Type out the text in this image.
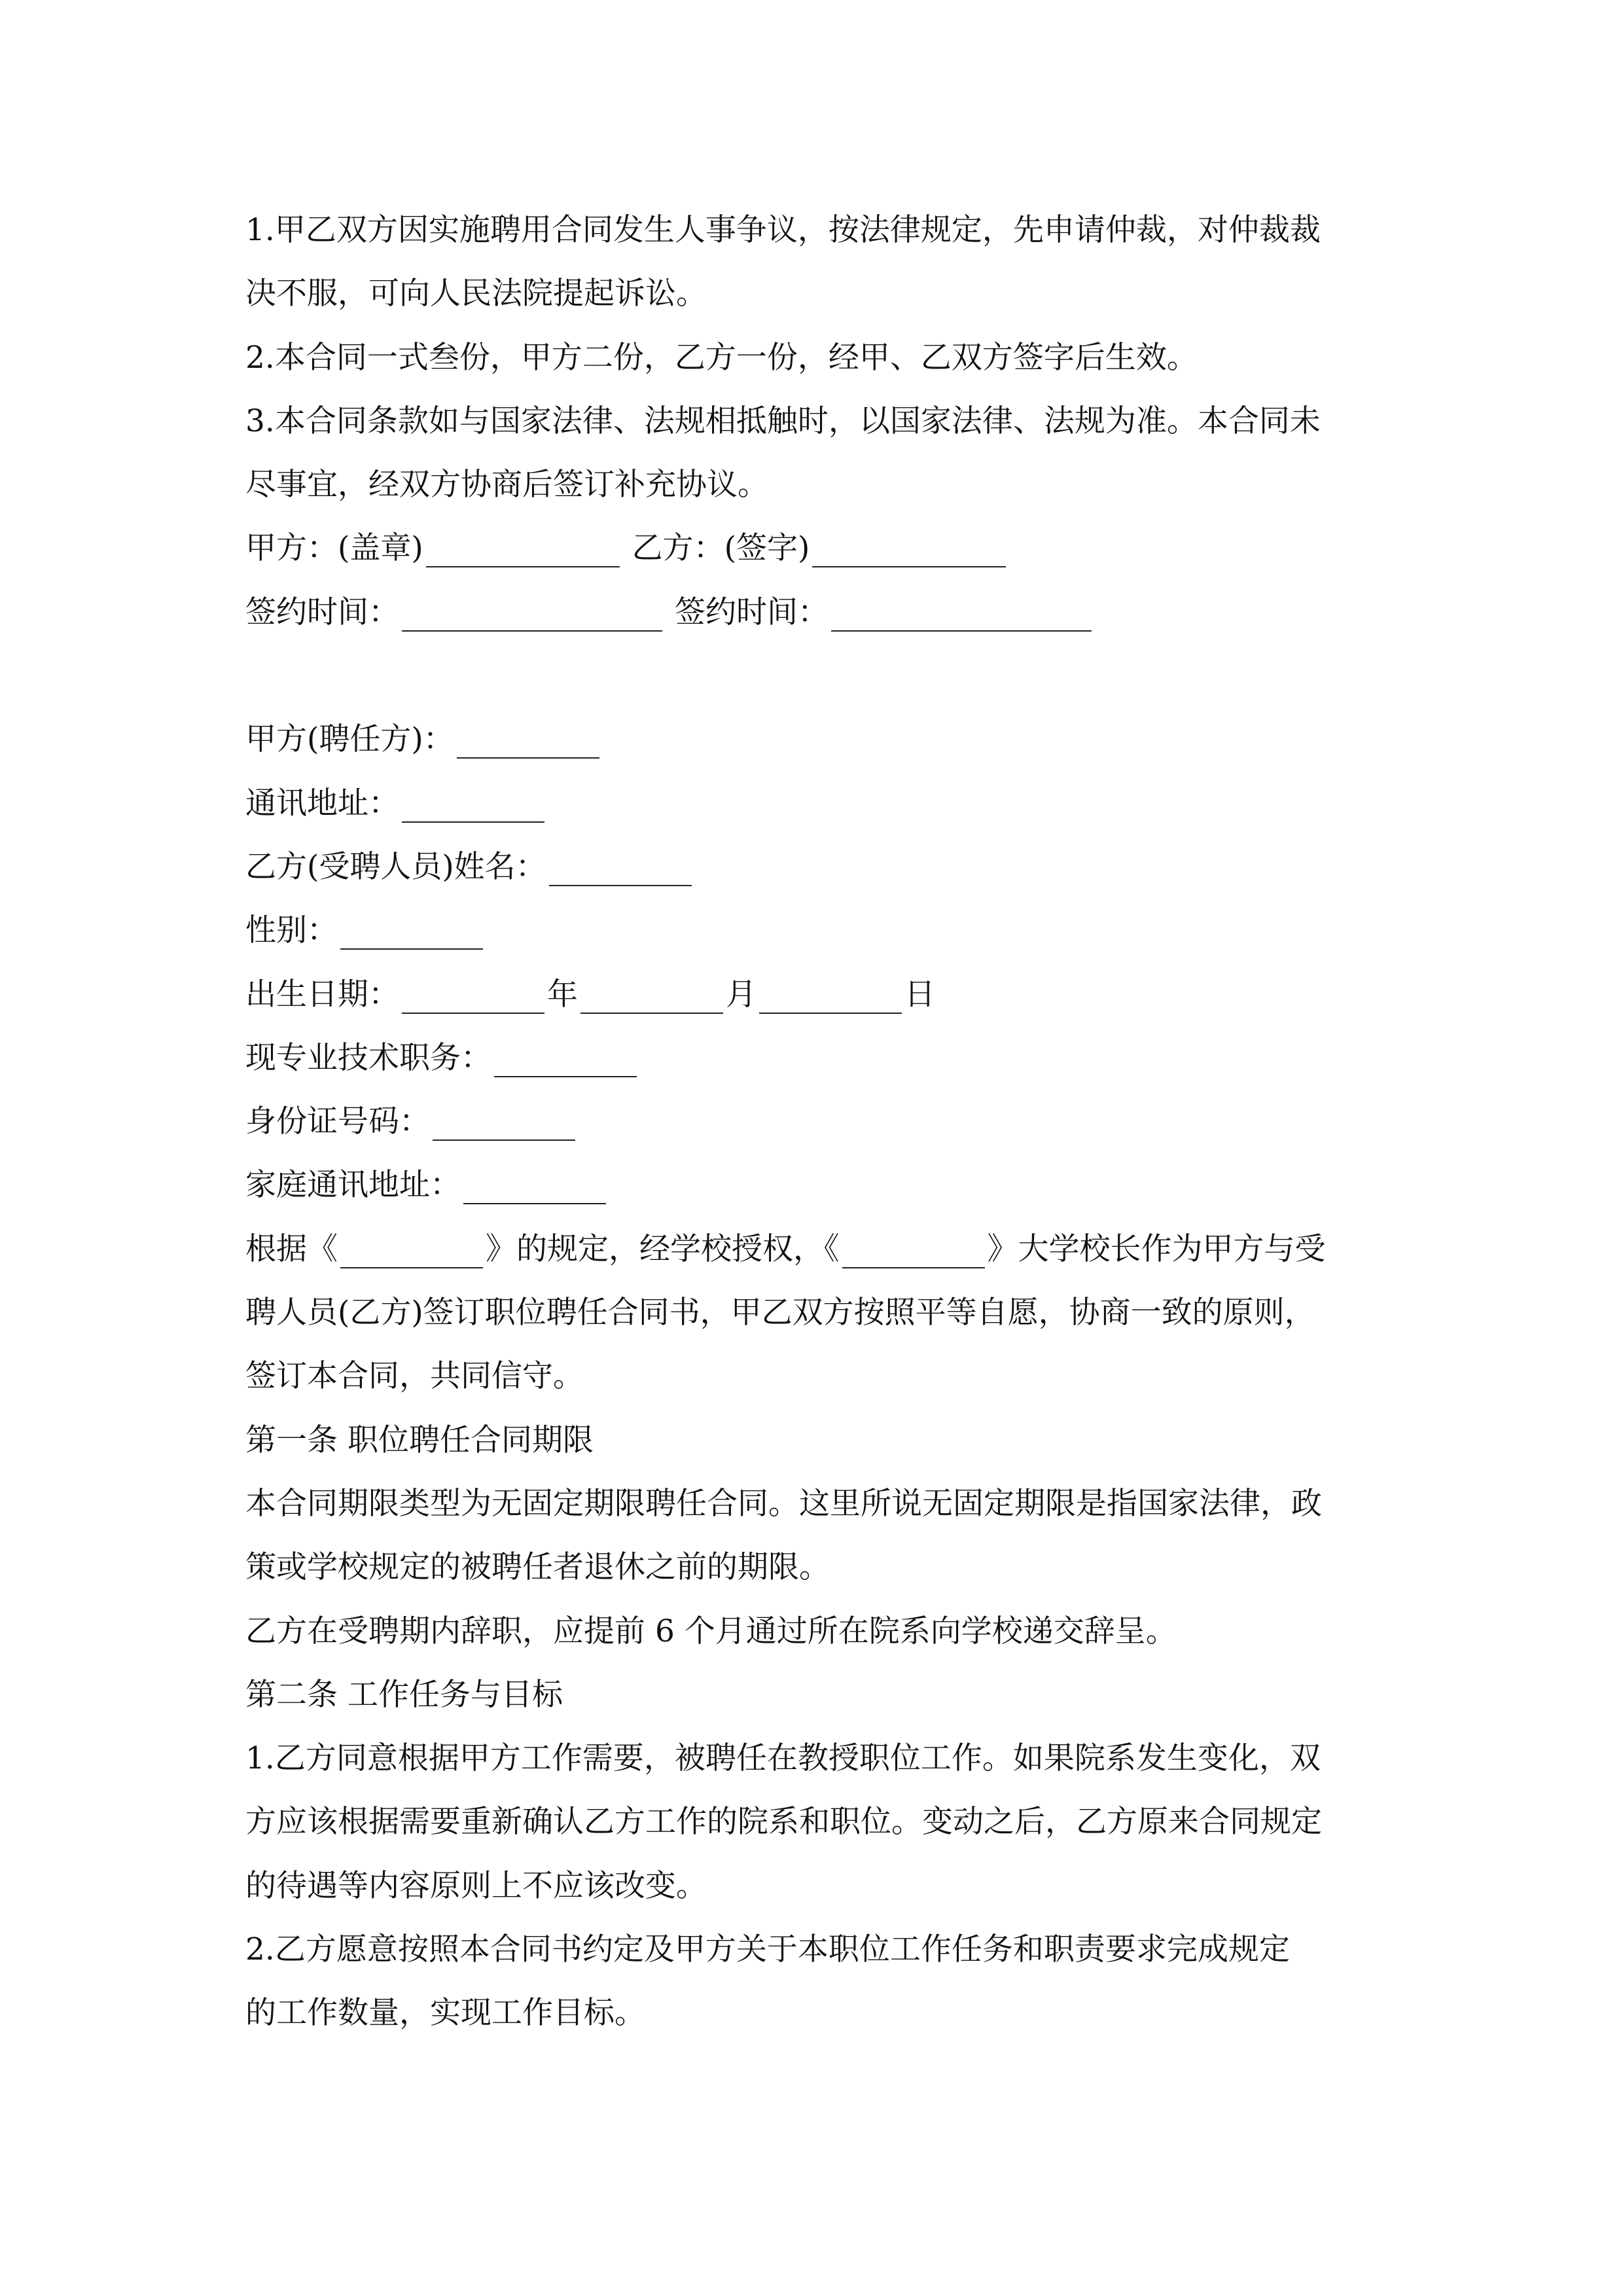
1.甲乙双方因实施聘用合同发生人事争议，按法律规定，先申请仲裁，对仲裁裁
决不服，可向人民法院提起诉讼。
2.本合同一式叁份，甲方二份，乙方一份，经甲、乙双方签字后生效。
3.本合同条款如与国家法律、法规相抵触时，以国家法律、法规为准。本合同未
尽事宜，经双方协商后签订补充协议。
甲方：(盖章)	乙方：(签字)
签约时间：	签约时间：
甲方(聘任方)：
通讯地址：
乙方(受聘人员)姓名：
性别：
出生日期：	年	月	日
现专业技术职务：
身份证号码：
家庭通讯地址：
根据《	》的规定，经学校授权，《	》大学校长作为甲方与受
聘人员(乙方)签订职位聘任合同书，甲乙双方按照平等自愿，协商一致的原则，
签订本合同，共同信守。
第一条 职位聘任合同期限
本合同期限类型为无固定期限聘任合同。这里所说无固定期限是指国家法律，政
策或学校规定的被聘任者退休之前的期限。
乙方在受聘期内辞职，应提前 6 个月通过所在院系向学校递交辞呈。
第二条 工作任务与目标
1.乙方同意根据甲方工作需要，被聘任在教授职位工作。如果院系发生变化，双
方应该根据需要重新确认乙方工作的院系和职位。变动之后，乙方原来合同规定
的待遇等内容原则上不应该改变。
2.乙方愿意按照本合同书约定及甲方关于本职位工作任务和职责要求完成规定
的工作数量，实现工作目标。
